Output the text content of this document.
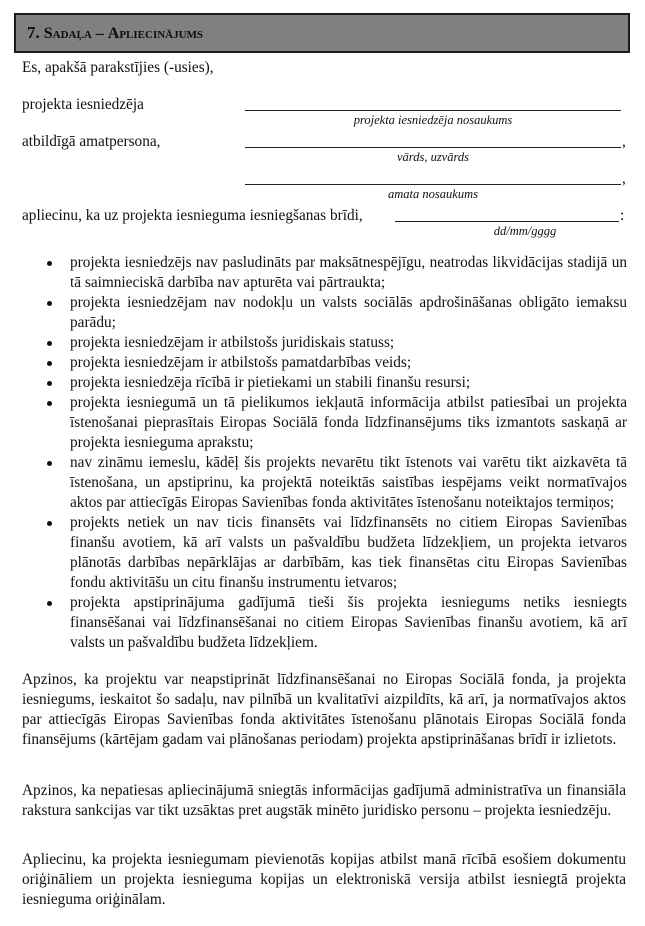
7. Sadaļa – Apliecinājums
Es, apakšā parakstījies (-usies),
projekta iesniedzēja
projekta iesniedzēja nosaukums
atbildīgā amatpersona,	,
vārds, uzvārds
,
amata nosaukums
apliecinu, ka uz projekta iesnieguma iesniegšanas brīdi,	:
dd/mm/gggg
projekta iesniedzējs nav pasludināts par maksātnespējīgu, neatrodas likvidācijas stadijā un tā saimnieciskā darbība nav apturēta vai pārtraukta;
projekta iesniedzējam nav nodokļu un valsts sociālās apdrošināšanas obligāto iemaksu parādu;
projekta iesniedzējam ir atbilstošs juridiskais statuss;
projekta iesniedzējam ir atbilstošs pamatdarbības veids;
projekta iesniedzēja rīcībā ir pietiekami un stabili finanšu resursi;
projekta iesniegumā un tā pielikumos iekļautā informācija atbilst patiesībai un projekta īstenošanai pieprasītais Eiropas Sociālā fonda līdzfinansējums tiks izmantots saskaņā ar projekta iesnieguma aprakstu;
nav zināmu iemeslu, kādēļ šis projekts nevarētu tikt īstenots vai varētu tikt aizkavēta tā īstenošana, un apstiprinu, ka projektā noteiktās saistības iespējams veikt normatīvajos aktos par attiecīgās Eiropas Savienības fonda aktivitātes īstenošanu noteiktajos termiņos;
projekts netiek un nav ticis finansēts vai līdzfinansēts no citiem Eiropas Savienības finanšu avotiem, kā arī valsts un pašvaldību budžeta līdzekļiem, un projekta ietvaros plānotās darbības nepārklājas ar darbībām, kas tiek finansētas citu Eiropas Savienības fondu aktivitāšu un citu finanšu instrumentu ietvaros;
projekta apstiprinājuma gadījumā tieši šis projekta iesniegums netiks iesniegts finansēšanai vai līdzfinansēšanai no citiem Eiropas Savienības finanšu avotiem, kā arī valsts un pašvaldību budžeta līdzekļiem.

Apzinos, ka projektu var neapstiprināt līdzfinansēšanai no Eiropas Sociālā fonda, ja projekta iesniegums, ieskaitot šo sadaļu, nav pilnībā un kvalitatīvi aizpildīts, kā arī, ja normatīvajos aktos par attiecīgās Eiropas Savienības fonda aktivitātes īstenošanu plānotais Eiropas Sociālā fonda finansējums (kārtējam gadam vai plānošanas periodam) projekta apstiprināšanas brīdī ir izlietots.

Apzinos, ka nepatiesas apliecinājumā sniegtās informācijas gadījumā administratīva un finansiāla rakstura sankcijas var tikt uzsāktas pret augstāk minēto juridisko personu – projekta iesniedzēju.

Apliecinu, ka projekta iesniegumam pievienotās kopijas atbilst manā rīcībā esošiem dokumentu oriģināliem un projekta iesnieguma kopijas un elektroniskā versija atbilst iesniegtā projekta iesnieguma oriģinālam.
